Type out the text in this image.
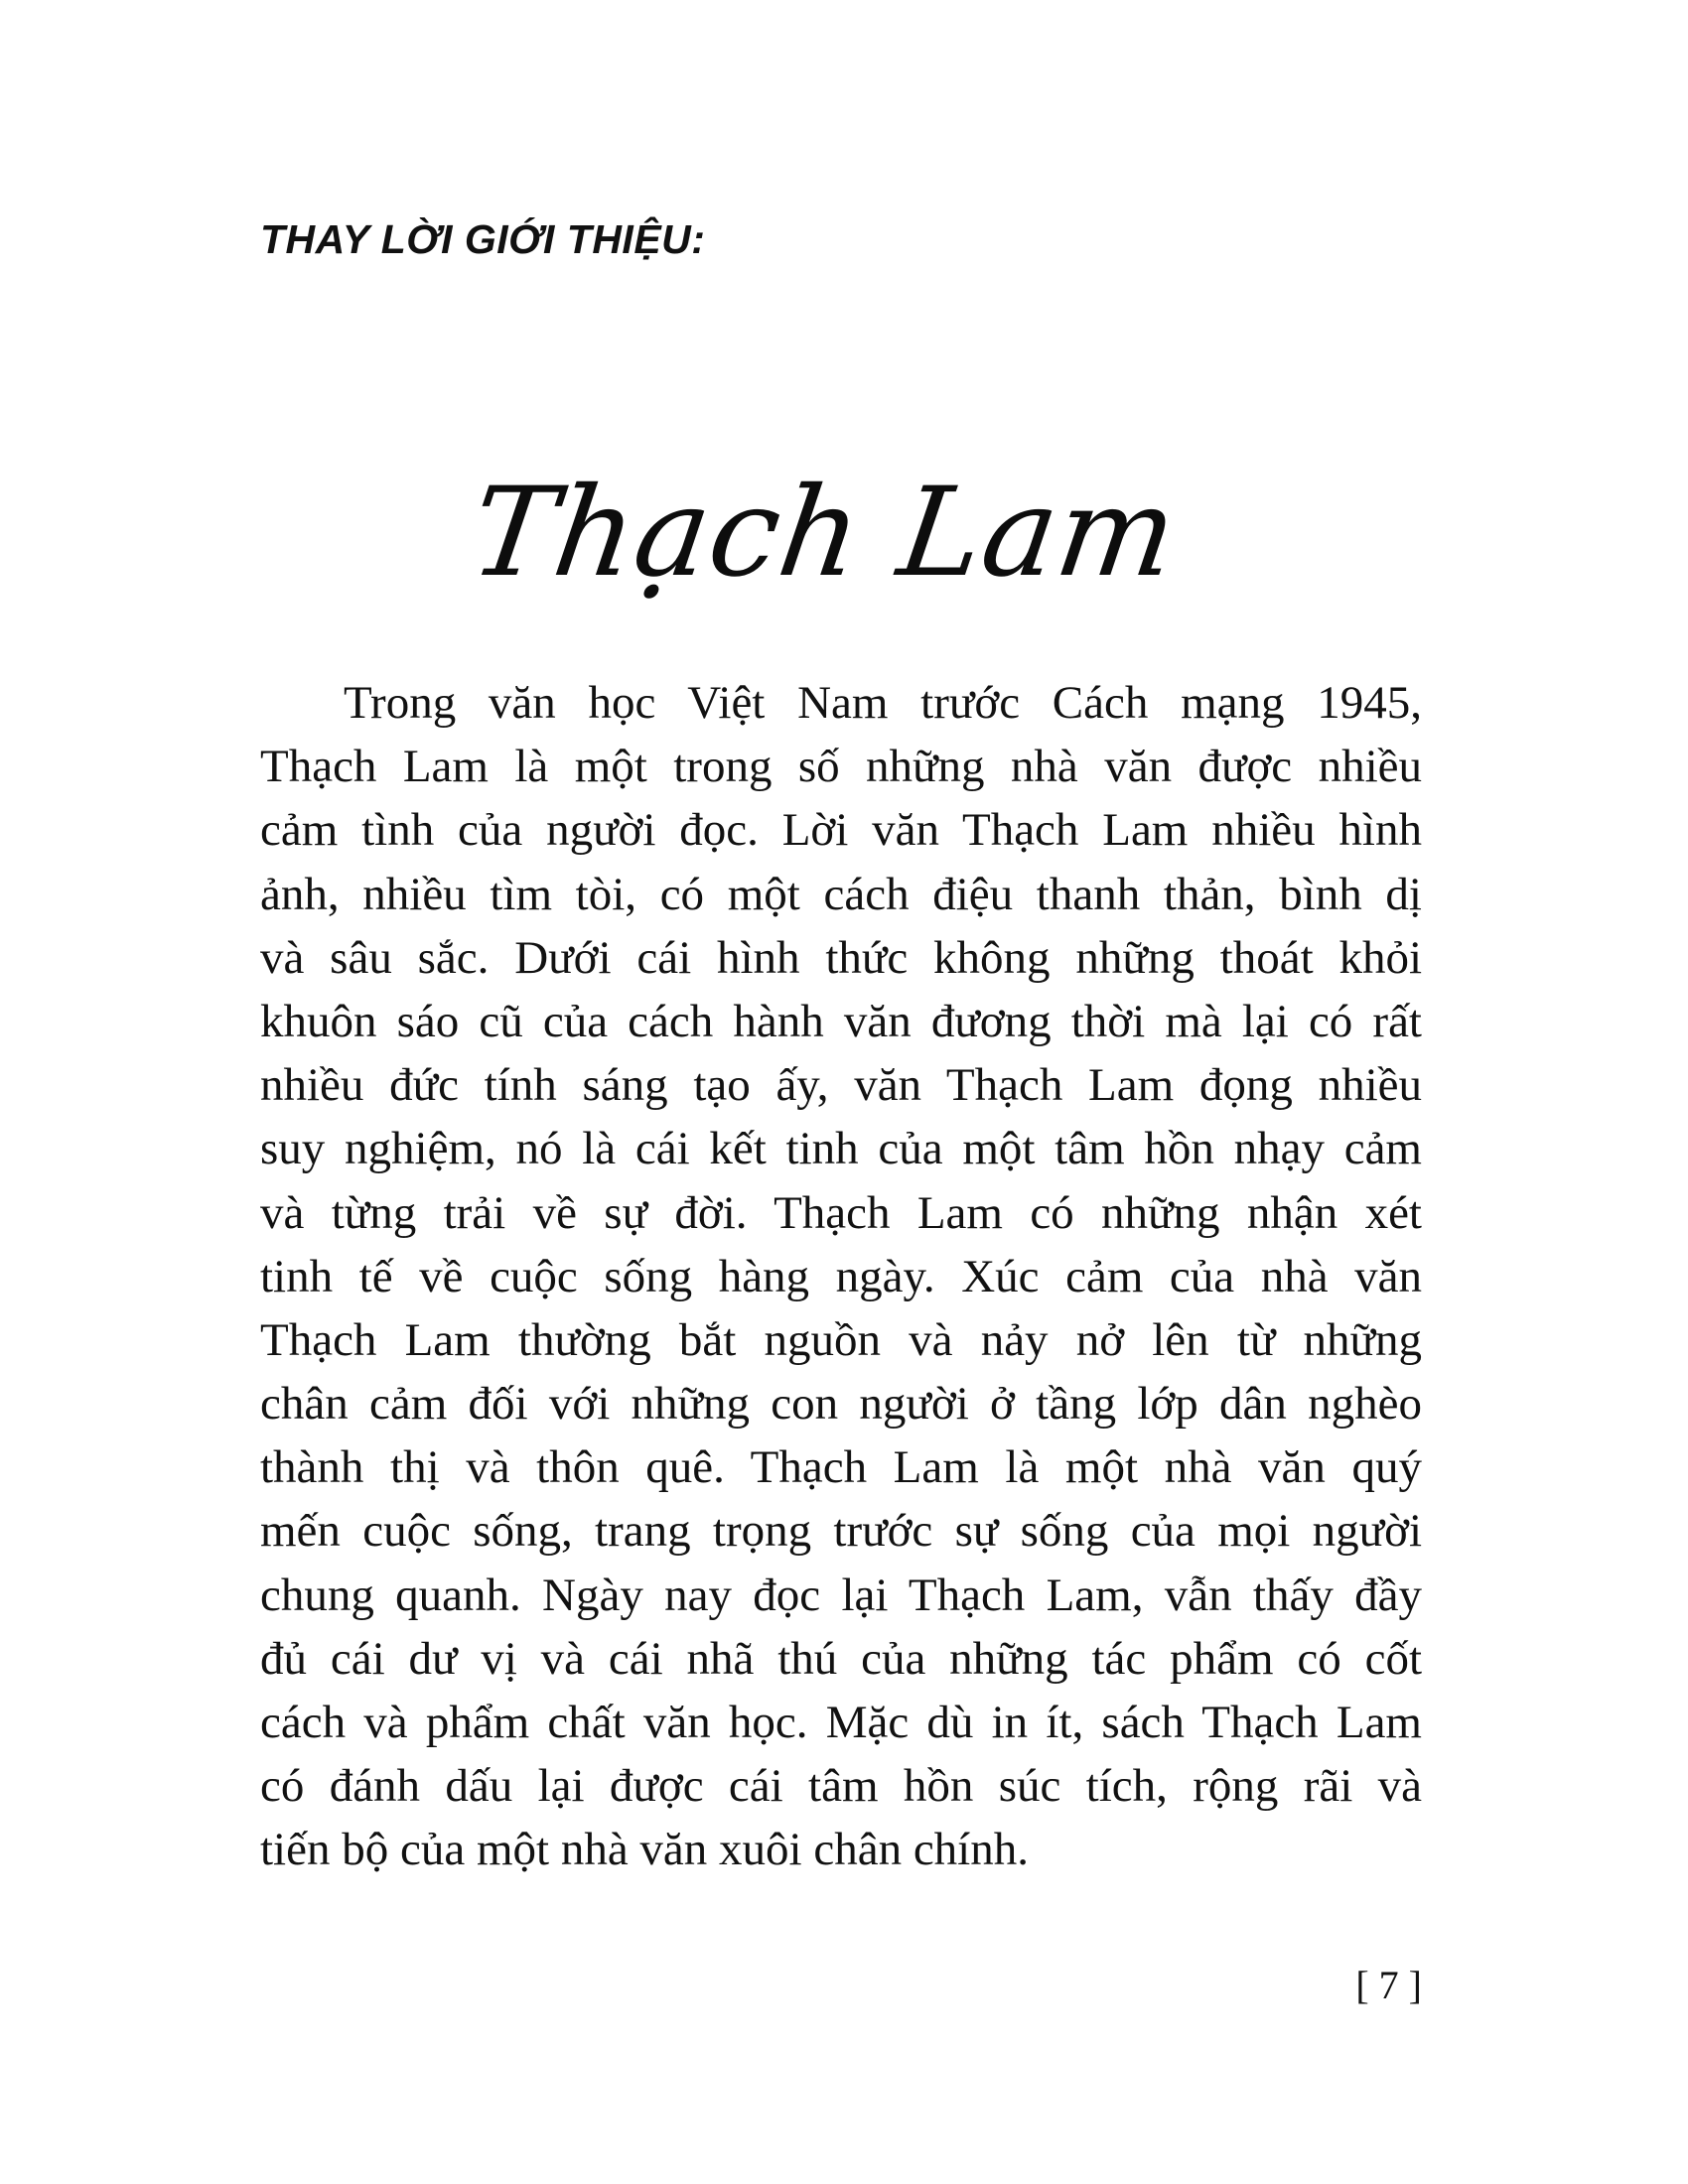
THAY LỜI GIỚI THIỆU:
Thạch Lam
Trong văn học Việt Nam trước Cách mạng 1945,
Thạch Lam là một trong số những nhà văn được nhiều
cảm tình của người đọc. Lời văn Thạch Lam nhiều hình
ảnh, nhiều tìm tòi, có một cách điệu thanh thản, bình dị
và sâu sắc. Dưới cái hình thức không những thoát khỏi
khuôn sáo cũ của cách hành văn đương thời mà lại có rất
nhiều đức tính sáng tạo ấy, văn Thạch Lam đọng nhiều
suy nghiệm, nó là cái kết tinh của một tâm hồn nhạy cảm
và từng trải về sự đời. Thạch Lam có những nhận xét
tinh tế về cuộc sống hàng ngày. Xúc cảm của nhà văn
Thạch Lam thường bắt nguồn và nảy nở lên từ những
chân cảm đối với những con người ở tầng lớp dân nghèo
thành thị và thôn quê. Thạch Lam là một nhà văn quý
mến cuộc sống, trang trọng trước sự sống của mọi người
chung quanh. Ngày nay đọc lại Thạch Lam, vẫn thấy đầy
đủ cái dư vị và cái nhã thú của những tác phẩm có cốt
cách và phẩm chất văn học. Mặc dù in ít, sách Thạch Lam
có đánh dấu lại được cái tâm hồn súc tích, rộng rãi và
tiến bộ của một nhà văn xuôi chân chính.
[ 7 ]
